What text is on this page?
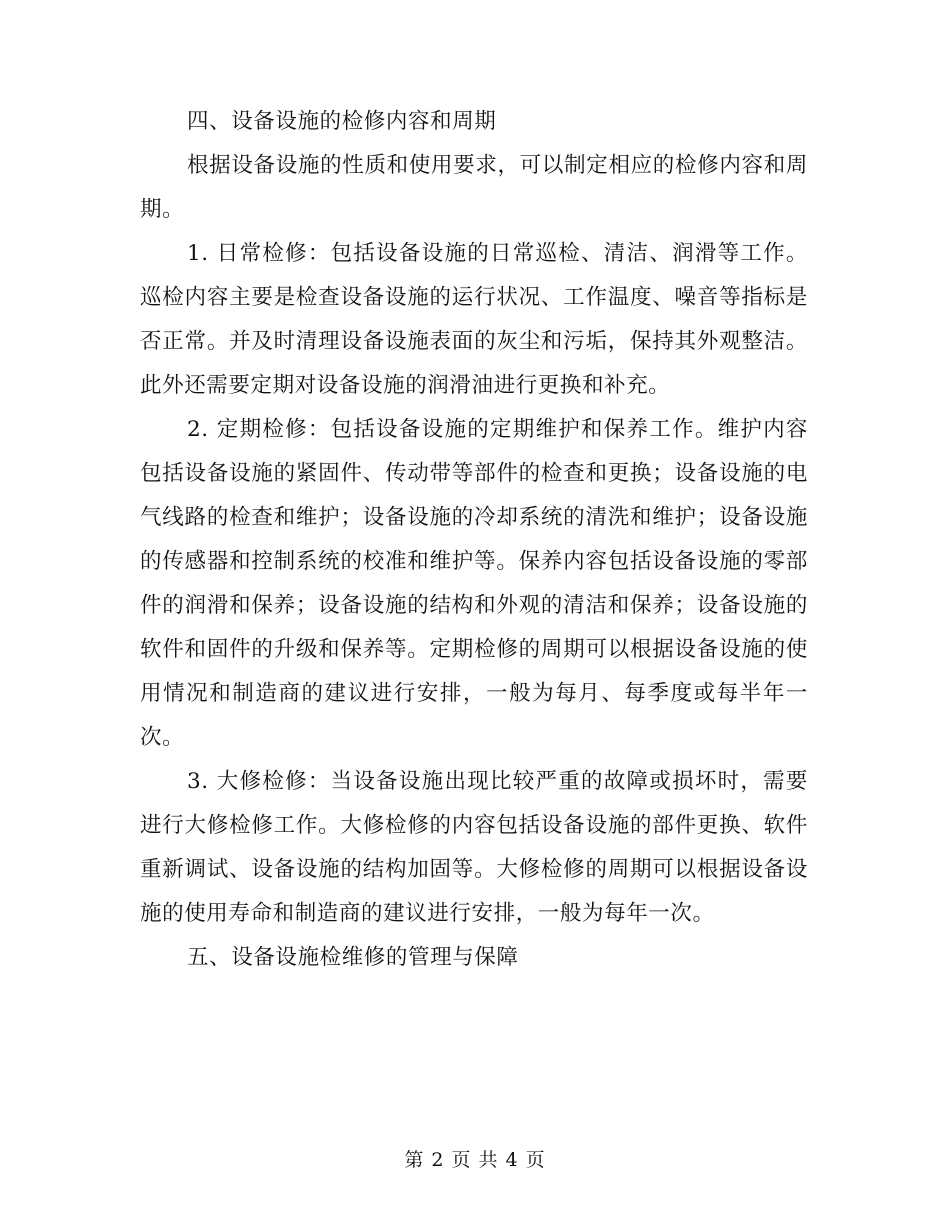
四、设备设施的检修内容和周期

根据设备设施的性质和使用要求，可以制定相应的检修内容和周期。

1. 日常检修：包括设备设施的日常巡检、清洁、润滑等工作。巡检内容主要是检查设备设施的运行状况、工作温度、噪音等指标是否正常。并及时清理设备设施表面的灰尘和污垢，保持其外观整洁。此外还需要定期对设备设施的润滑油进行更换和补充。

2. 定期检修：包括设备设施的定期维护和保养工作。维护内容包括设备设施的紧固件、传动带等部件的检查和更换；设备设施的电气线路的检查和维护；设备设施的冷却系统的清洗和维护；设备设施的传感器和控制系统的校准和维护等。保养内容包括设备设施的零部件的润滑和保养；设备设施的结构和外观的清洁和保养；设备设施的软件和固件的升级和保养等。定期检修的周期可以根据设备设施的使用情况和制造商的建议进行安排，一般为每月、每季度或每半年一次。

3. 大修检修：当设备设施出现比较严重的故障或损坏时，需要进行大修检修工作。大修检修的内容包括设备设施的部件更换、软件重新调试、设备设施的结构加固等。大修检修的周期可以根据设备设施的使用寿命和制造商的建议进行安排，一般为每年一次。

五、设备设施检维修的管理与保障

第 2 页 共 4 页
